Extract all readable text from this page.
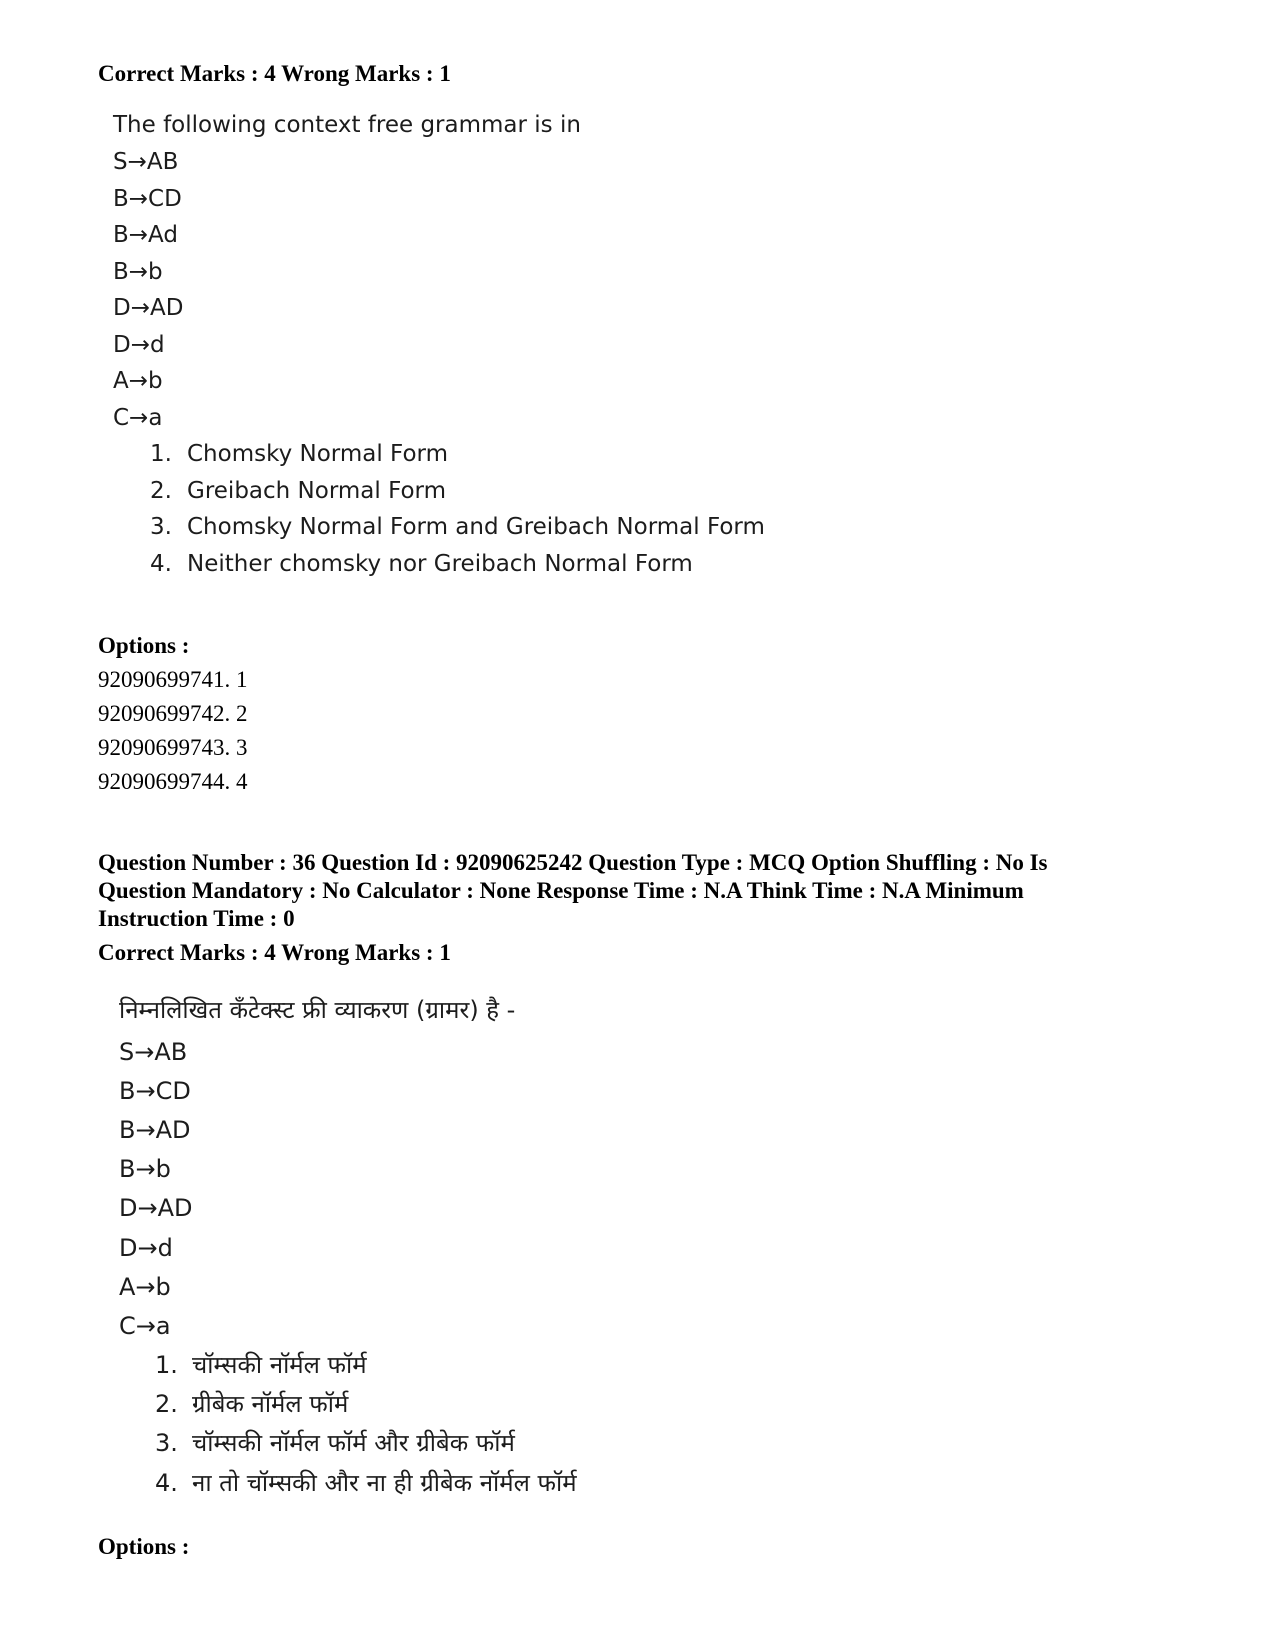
Correct Marks : 4 Wrong Marks : 1
The following context free grammar is in
S→AB
B→CD
B→Ad
B→b
D→AD
D→d
A→b
C→a
1. Chomsky Normal Form
2. Greibach Normal Form
3. Chomsky Normal Form and Greibach Normal Form
4. Neither chomsky nor Greibach Normal Form
Options :
92090699741. 1
92090699742. 2
92090699743. 3
92090699744. 4
Question Number : 36 Question Id : 92090625242 Question Type : MCQ Option Shuffling : No Is
Question Mandatory : No Calculator : None Response Time : N.A Think Time : N.A Minimum
Instruction Time : 0
Correct Marks : 4 Wrong Marks : 1
निम्नलिखित कँटेक्स्ट फ्री व्याकरण (ग्रामर) है -
S→AB
B→CD
B→AD
B→b
D→AD
D→d
A→b
C→a
1. चॉम्सकी नॉर्मल फॉर्म
2. ग्रीबेक नॉर्मल फॉर्म
3. चॉम्सकी नॉर्मल फॉर्म और ग्रीबेक फॉर्म
4. ना तो चॉम्सकी और ना ही ग्रीबेक नॉर्मल फॉर्म
Options :
